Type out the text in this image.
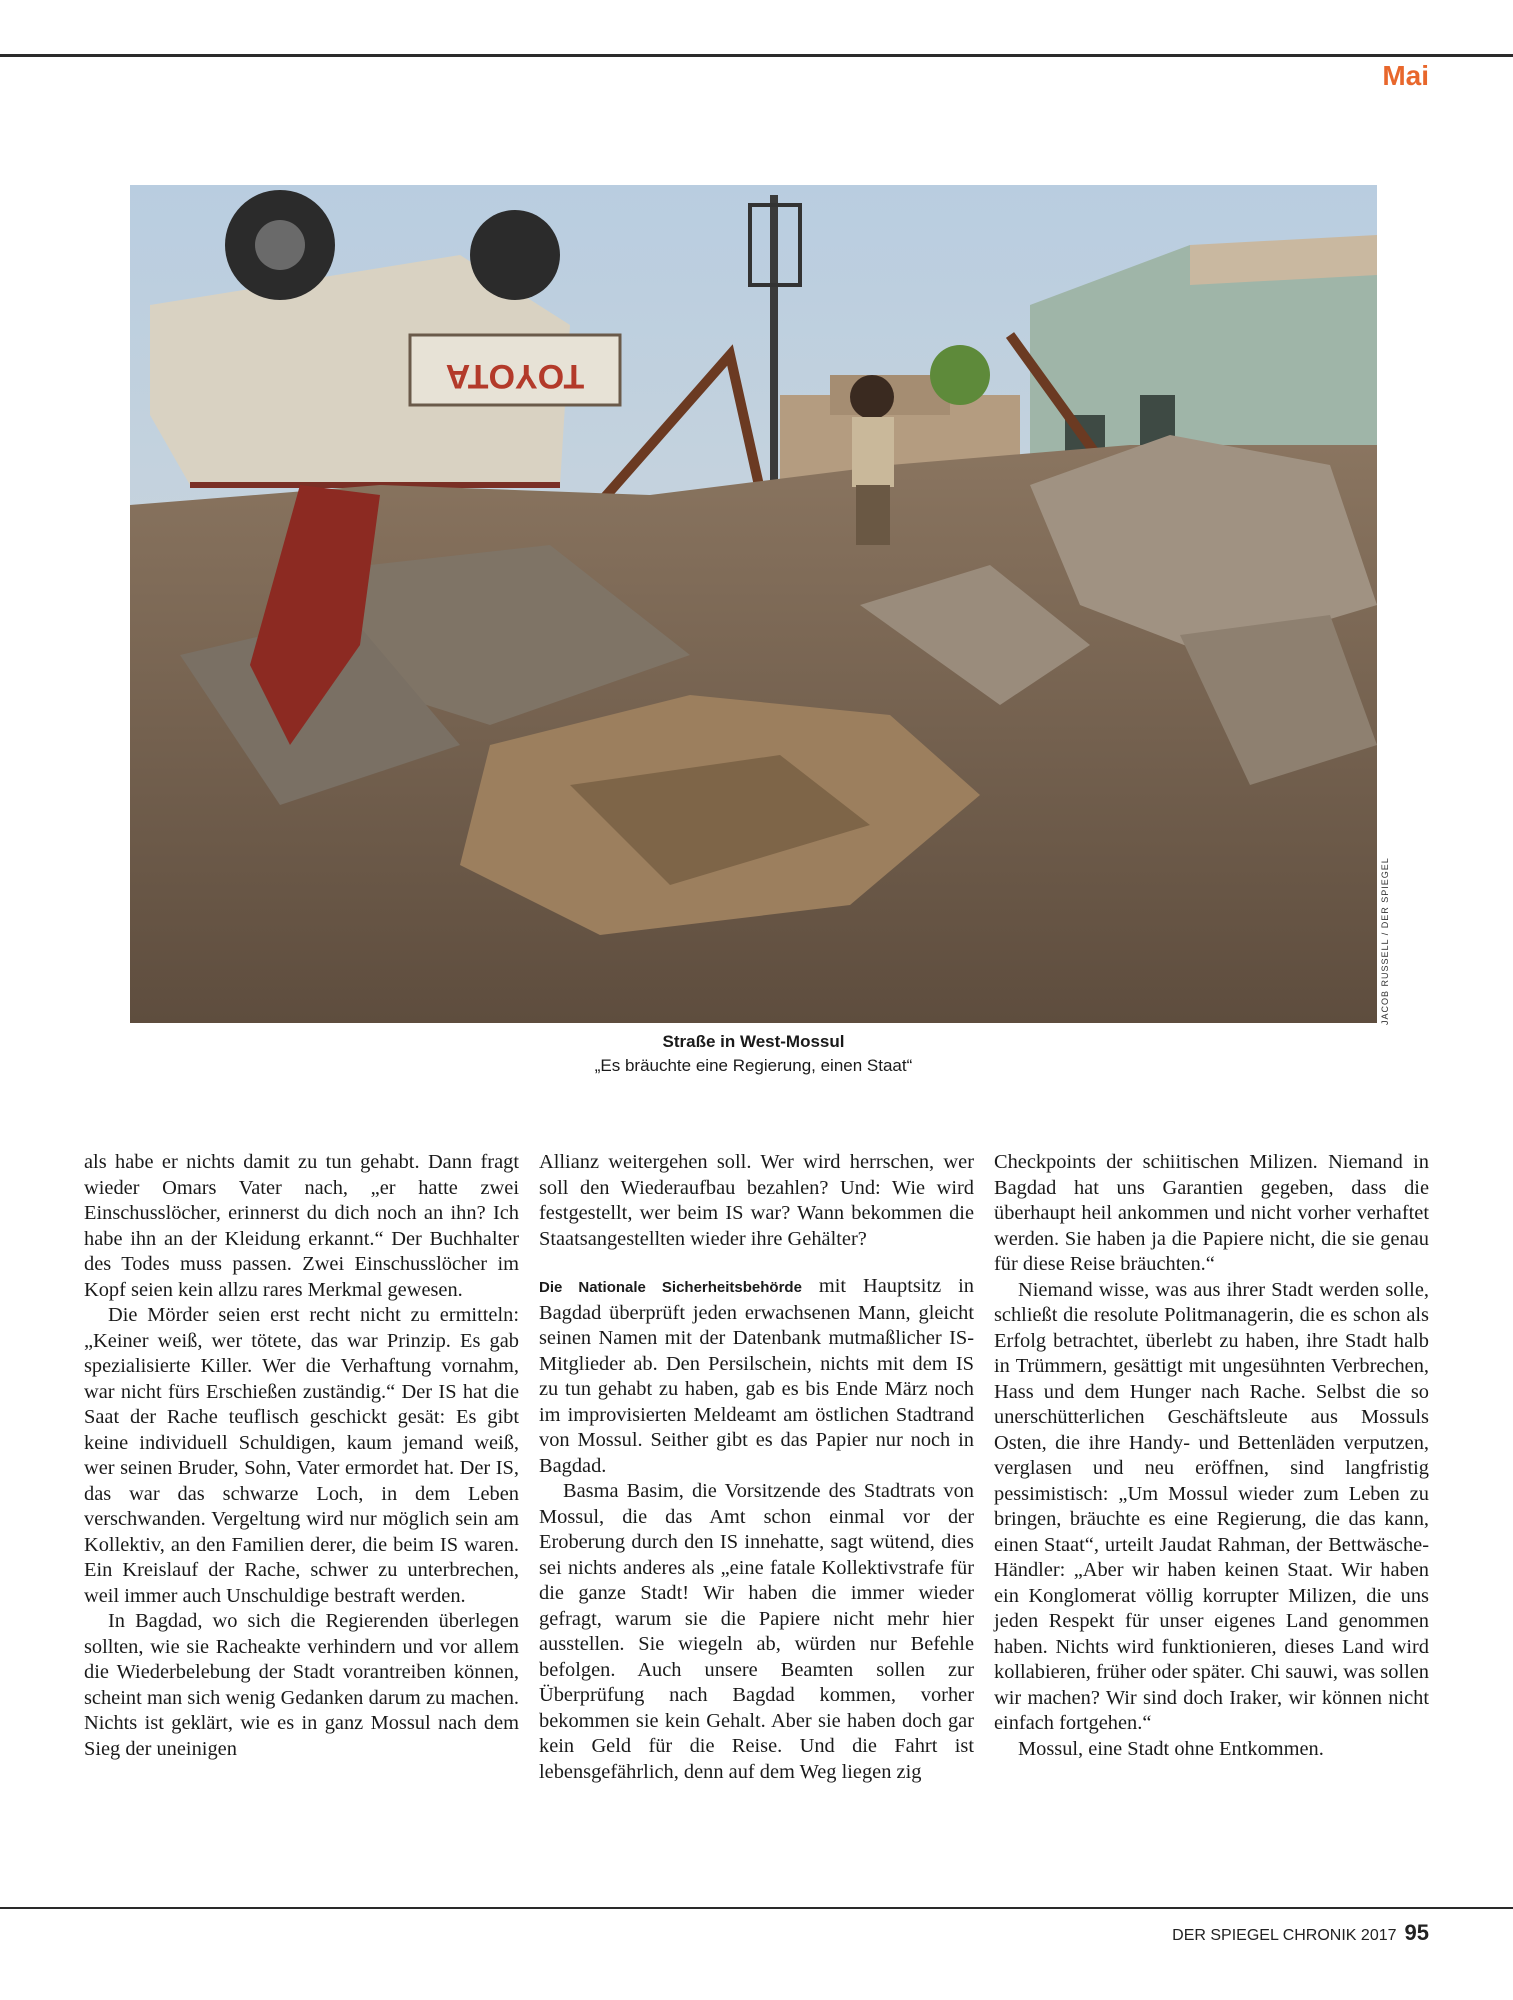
Mai
TOYOTA
JACOB RUSSELL / DER SPIEGEL
Straße in West-Mossul
„Es bräuchte eine Regierung, einen Staat“

als habe er nichts damit zu tun gehabt. Dann fragt wieder Omars Vater nach, „er hatte zwei Einschusslöcher, erinnerst du dich noch an ihn? Ich habe ihn an der Kleidung erkannt.“ Der Buchhalter des Todes muss passen. Zwei Einschusslöcher im Kopf seien kein allzu rares Merkmal gewesen.

Die Mörder seien erst recht nicht zu ermitteln: „Keiner weiß, wer tötete, das war Prinzip. Es gab spezialisierte Killer. Wer die Verhaftung vornahm, war nicht fürs Erschießen zuständig.“ Der IS hat die Saat der Rache teuflisch geschickt gesät: Es gibt keine individuell Schuldigen, kaum jemand weiß, wer seinen Bruder, Sohn, Vater ermordet hat. Der IS, das war das schwarze Loch, in dem Leben verschwanden. Vergeltung wird nur möglich sein am Kollektiv, an den Familien derer, die beim IS waren. Ein Kreislauf der Rache, schwer zu unterbrechen, weil immer auch Unschuldige bestraft werden.

In Bagdad, wo sich die Regierenden überlegen sollten, wie sie Racheakte verhindern und vor allem die Wiederbelebung der Stadt vorantreiben können, scheint man sich wenig Gedanken darum zu machen. Nichts ist geklärt, wie es in ganz Mossul nach dem Sieg der uneinigen

Allianz weitergehen soll. Wer wird herrschen, wer soll den Wiederaufbau bezahlen? Und: Wie wird festgestellt, wer beim IS war? Wann bekommen die Staatsangestellten wieder ihre Gehälter?

Die Nationale Sicherheitsbehörde mit Hauptsitz in Bagdad überprüft jeden erwachsenen Mann, gleicht seinen Namen mit der Datenbank mutmaßlicher IS-Mitglieder ab. Den Persilschein, nichts mit dem IS zu tun gehabt zu haben, gab es bis Ende März noch im improvisierten Meldeamt am östlichen Stadtrand von Mossul. Seither gibt es das Papier nur noch in Bagdad.

Basma Basim, die Vorsitzende des Stadtrats von Mossul, die das Amt schon einmal vor der Eroberung durch den IS innehatte, sagt wütend, dies sei nichts anderes als „eine fatale Kollektivstrafe für die ganze Stadt! Wir haben die immer wieder gefragt, warum sie die Papiere nicht mehr hier ausstellen. Sie wiegeln ab, würden nur Befehle befolgen. Auch unsere Beamten sollen zur Überprüfung nach Bagdad kommen, vorher bekommen sie kein Gehalt. Aber sie haben doch gar kein Geld für die Reise. Und die Fahrt ist lebensgefährlich, denn auf dem Weg liegen zig

Checkpoints der schiitischen Milizen. Niemand in Bagdad hat uns Garantien gegeben, dass die überhaupt heil ankommen und nicht vorher verhaftet werden. Sie haben ja die Papiere nicht, die sie genau für diese Reise bräuchten.“

Niemand wisse, was aus ihrer Stadt werden solle, schließt die resolute Politmanagerin, die es schon als Erfolg betrachtet, überlebt zu haben, ihre Stadt halb in Trümmern, gesättigt mit ungesühnten Verbrechen, Hass und dem Hunger nach Rache. Selbst die so unerschütterlichen Geschäftsleute aus Mossuls Osten, die ihre Handy- und Bettenläden verputzen, verglasen und neu eröffnen, sind langfristig pessimistisch: „Um Mossul wieder zum Leben zu bringen, bräuchte es eine Regierung, die das kann, einen Staat“, urteilt Jaudat Rahman, der Bettwäsche-Händler: „Aber wir haben keinen Staat. Wir haben ein Konglomerat völlig korrupter Milizen, die uns jeden Respekt für unser eigenes Land genommen haben. Nichts wird funktionieren, dieses Land wird kollabieren, früher oder später. Chi sauwi, was sollen wir machen? Wir sind doch Iraker, wir können nicht einfach fortgehen.“

Mossul, eine Stadt ohne Entkommen.

DER SPIEGEL CHRONIK 2017 95
